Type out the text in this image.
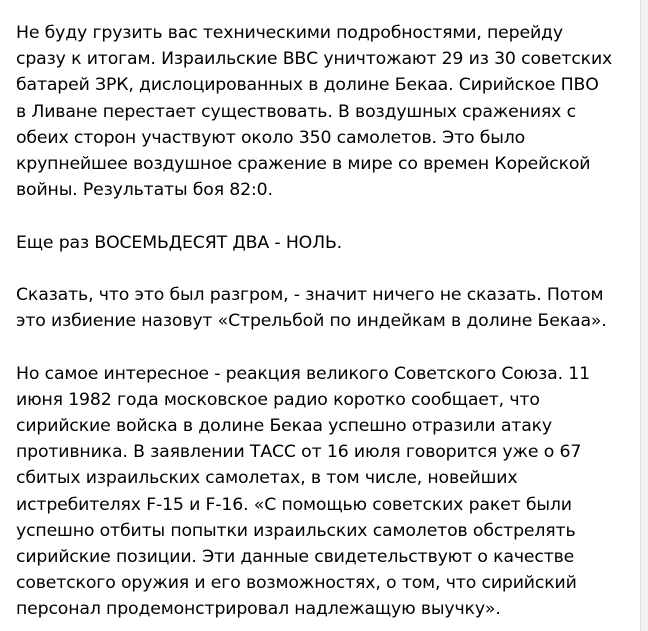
Не буду грузить вас техническими подробностями, перейду
сразу к итогам. Израильские ВВС уничтожают 29 из 30 советских
батарей ЗРК, дислоцированных в долине Бекаа. Сирийское ПВО
в Ливане перестает существовать. В воздушных сражениях с
обеих сторон участвуют около 350 самолетов. Это было
крупнейшее воздушное сражение в мире со времен Корейской
войны. Результаты боя 82:0.
Еще раз ВОСЕМЬДЕСЯТ ДВА - НОЛЬ.
Сказать, что это был разгром, - значит ничего не сказать. Потом
это избиение назовут «Стрельбой по индейкам в долине Бекаа».
Но самое интересное - реакция великого Советского Союза. 11
июня 1982 года московское радио коротко сообщает, что
сирийские войска в долине Бекаа успешно отразили атаку
противника. В заявлении ТАСС от 16 июля говорится уже о 67
сбитых израильских самолетах, в том числе, новейших
истребителях F-15 и F-16. «С помощью советских ракет были
успешно отбиты попытки израильских самолетов обстрелять
сирийские позиции. Эти данные свидетельствуют о качестве
советского оружия и его возможностях, о том, что сирийский
персонал продемонстрировал надлежащую выучку».
